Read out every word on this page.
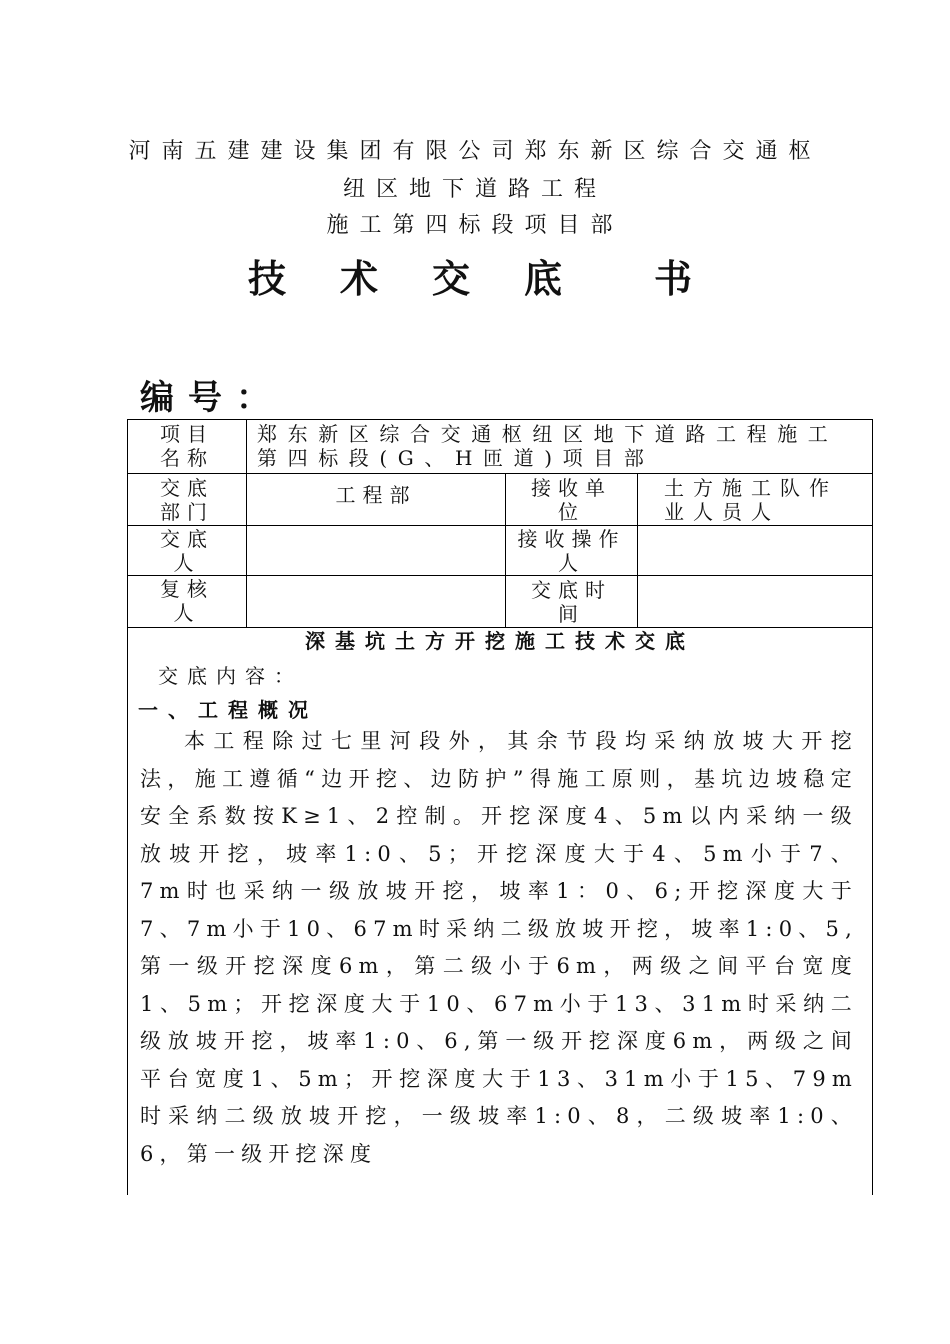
河南五建建设集团有限公司郑东新区综合交通枢
纽区地下道路工程
施工第四标段项目部
技 术 交 底 书
编号：
项目名称
郑东新区综合交通枢纽区地下道路工程施工第四标段(G、H匝道)项目部
交底部门
工程部	接收单位
土方施工队作业人员人
交底人
接收操作人
复核人
交底时间
深基坑土方开挖施工技术交底
交底内容：
一、工程概况
本工程除过七里河段外，其余节段均采纳放坡大开挖法，施工遵循“边开挖、边防护”得施工原则，基坑边坡稳定安全系数按K≥1、2控制。开挖深度4、5m以内采纳一级放坡开挖，坡率1:0、5；开挖深度大于4、5m小于7、7m时也采纳一级放坡开挖，坡率1：0、6;开挖深度大于7、7m小于10、67m时采纳二级放坡开挖，坡率1:0、5,第一级开挖深度6m，第二级小于6m，两级之间平台宽度1、5m；开挖深度大于10、67m小于13、31m时采纳二级放坡开挖，坡率1:0、6,第一级开挖深度6m，两级之间平台宽度1、5m；开挖深度大于13、31m小于15、79m时采纳二级放坡开挖，一级坡率1:0、8，二级坡率1:0、6，第一级开挖深度
